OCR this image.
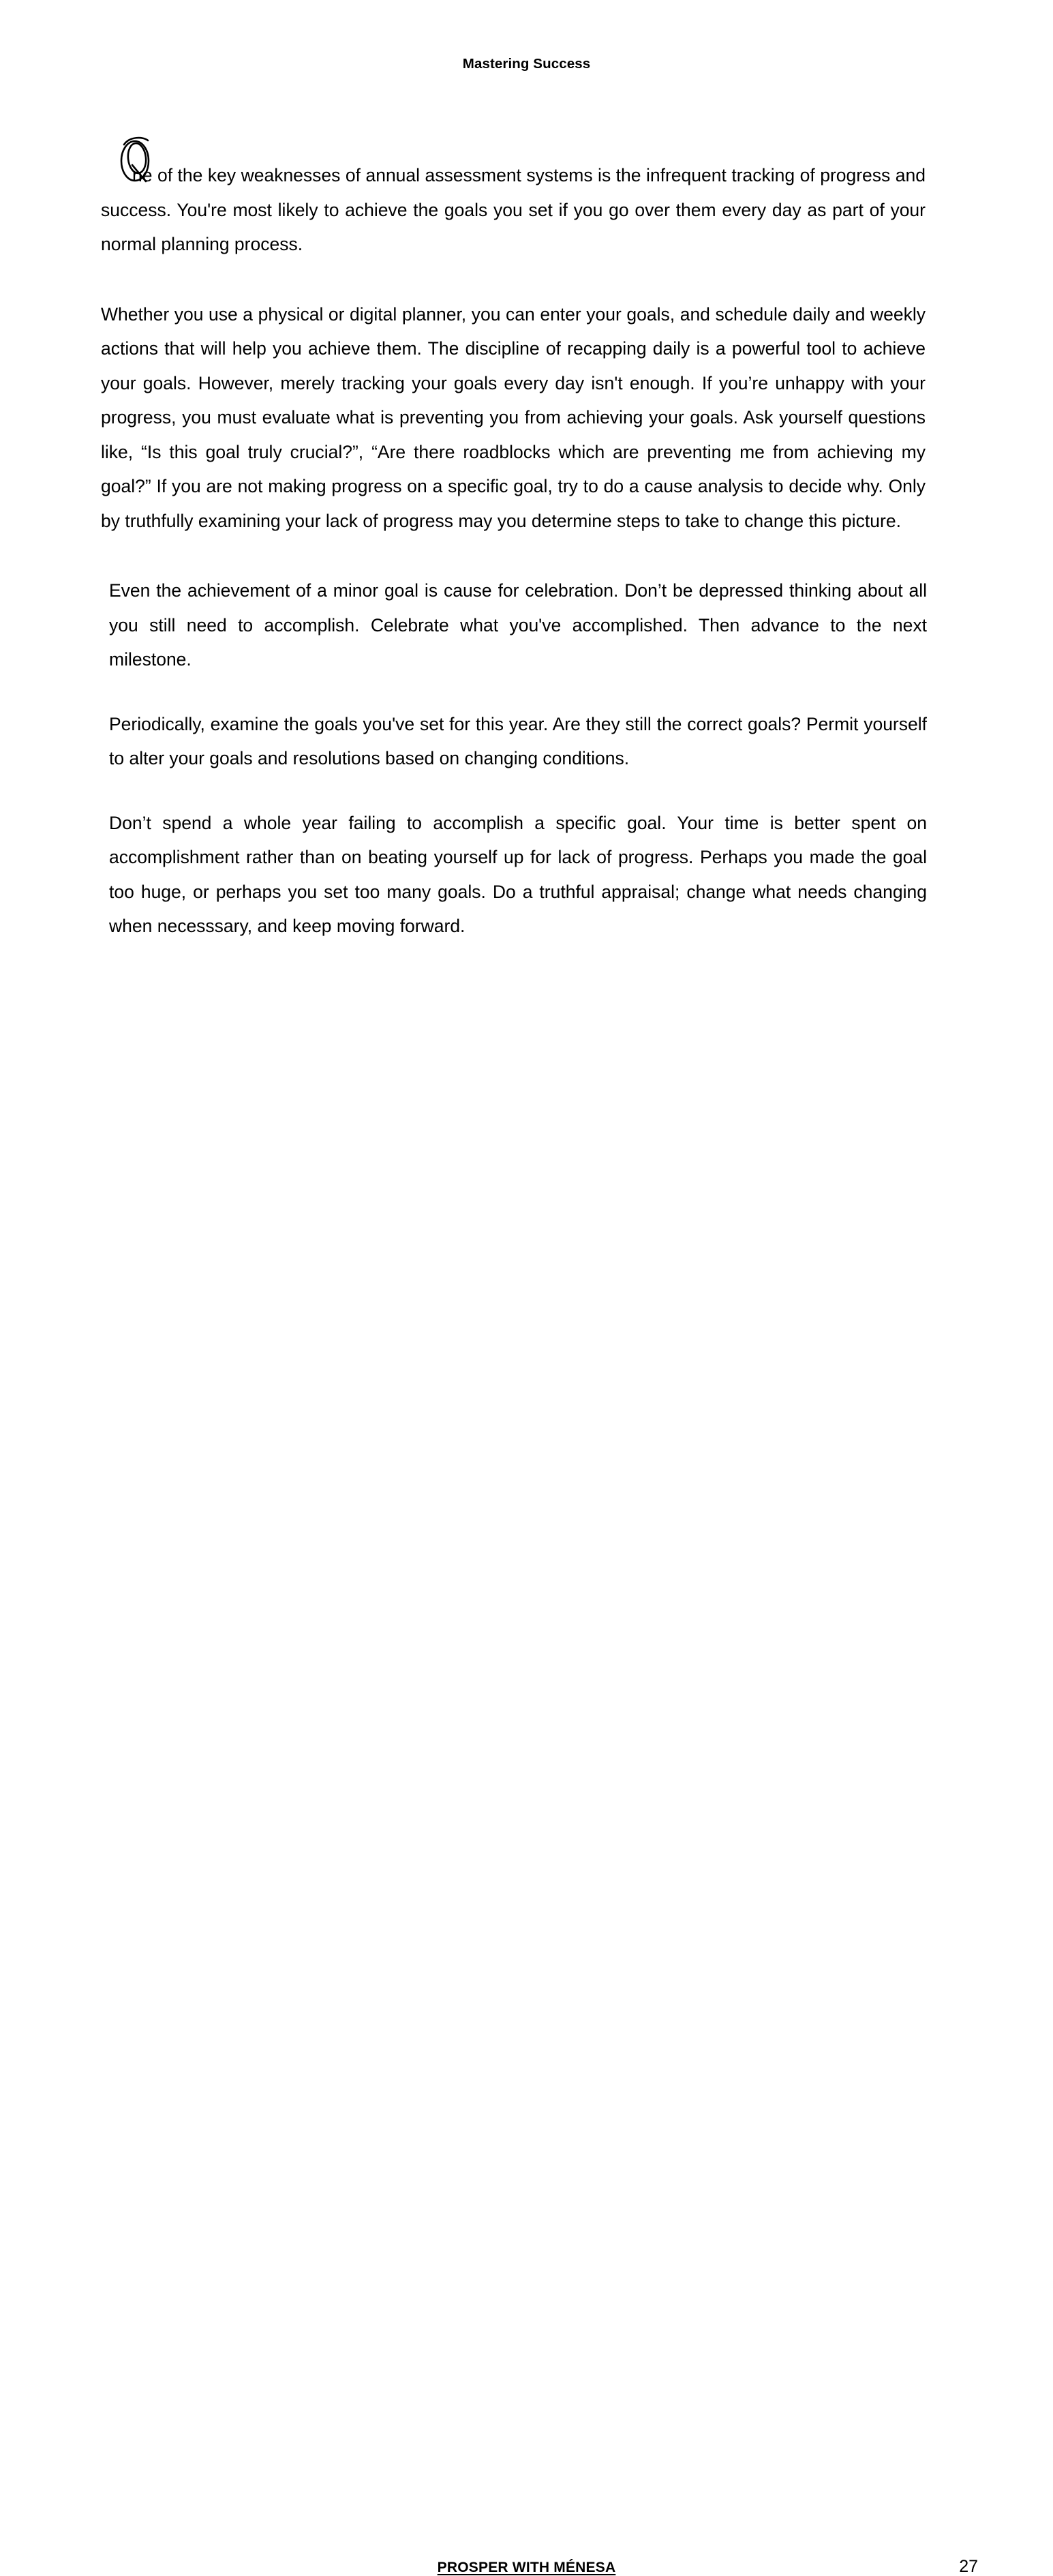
Mastering Success

ne of the key weaknesses of annual assessment systems is the infrequent tracking of progress and success. You're most likely to achieve the goals you set if you go over them every day as part of your normal planning process.

Whether you use a physical or digital planner, you can enter your goals, and schedule daily and weekly actions that will help you achieve them. The discipline of recapping daily is a powerful tool to achieve your goals. However, merely tracking your goals every day isn't enough. If you’re unhappy with your progress, you must evaluate what is preventing you from achieving your goals. Ask yourself questions like, “Is this goal truly crucial?”, “Are there roadblocks which are preventing me from achieving my goal?” If you are not making progress on a specific goal, try to do a cause analysis to decide why. Only by truthfully examining your lack of progress may you determine steps to take to change this picture.

Even the achievement of a minor goal is cause for celebration. Don’t be depressed thinking about all you still need to accomplish. Celebrate what you've accomplished. Then advance to the next milestone.

Periodically, examine the goals you've set for this year. Are they still the correct goals? Permit yourself to alter your goals and resolutions based on changing conditions.

Don’t spend a whole year failing to accomplish a specific goal. Your time is better spent on accomplishment rather than on beating yourself up for lack of progress. Perhaps you made the goal too huge, or perhaps you set too many goals. Do a truthful appraisal; change what needs changing when necesssary, and keep moving forward.

PROSPER WITH MÉNESA	27
